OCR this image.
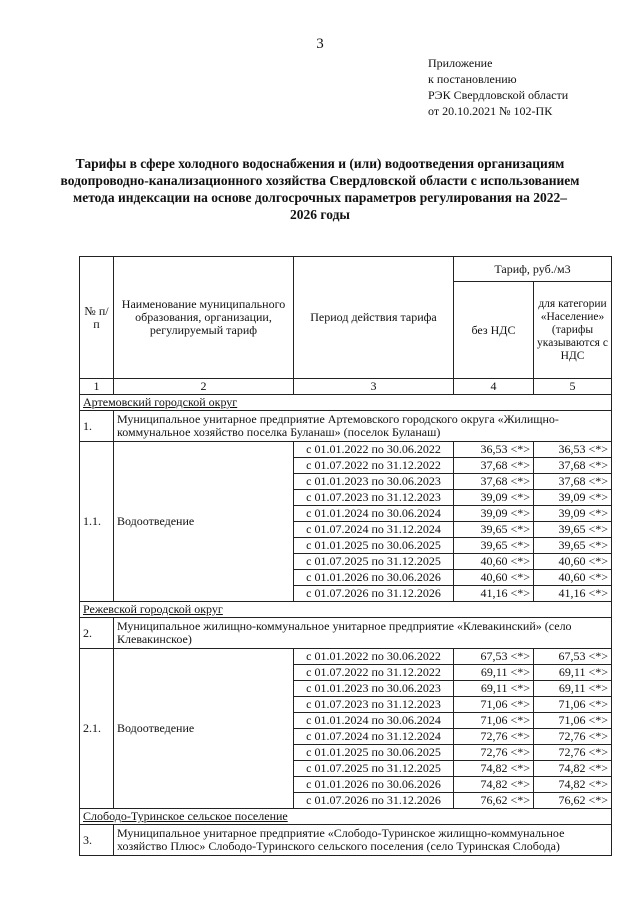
3
Приложение
к постановлению
РЭК Свердловской области
от 20.10.2021 № 102-ПК
Тарифы в сфере холодного водоснабжения и (или) водоотведения организациям водопроводно-канализационного хозяйства Свердловской области с использованием метода индексации на основе долгосрочных параметров регулирования на 2022–2026 годы
№ п/п	Наименование муниципального образования, организации, регулируемый тариф	Период действия тарифа	Тариф, руб./м3	
			без НДС	для категории «Население» (тарифы указываются с НДС
1	2	3	4	5
Артемовский городской округ				
1.	Муниципальное унитарное предприятие Артемовского городского округа «Жилищно-коммунальное хозяйство поселка Буланаш» (поселок Буланаш)			
1.1.	Водоотведение	с 01.01.2022 по 30.06.2022	36,53 <*>	36,53 <*>
		с 01.07.2022 по 31.12.2022	37,68 <*>	37,68 <*>
		с 01.01.2023 по 30.06.2023	37,68 <*>	37,68 <*>
		с 01.07.2023 по 31.12.2023	39,09 <*>	39,09 <*>
		с 01.01.2024 по 30.06.2024	39,09 <*>	39,09 <*>
		с 01.07.2024 по 31.12.2024	39,65 <*>	39,65 <*>
		с 01.01.2025 по 30.06.2025	39,65 <*>	39,65 <*>
		с 01.07.2025 по 31.12.2025	40,60 <*>	40,60 <*>
		с 01.01.2026 по 30.06.2026	40,60 <*>	40,60 <*>
		с 01.07.2026 по 31.12.2026	41,16 <*>	41,16 <*>
Режевской городской округ				
2.	Муниципальное жилищно-коммунальное унитарное предприятие «Клевакинский» (село Клевакинское)			
2.1.	Водоотведение	с 01.01.2022 по 30.06.2022	67,53 <*>	67,53 <*>
		с 01.07.2022 по 31.12.2022	69,11 <*>	69,11 <*>
		с 01.01.2023 по 30.06.2023	69,11 <*>	69,11 <*>
		с 01.07.2023 по 31.12.2023	71,06 <*>	71,06 <*>
		с 01.01.2024 по 30.06.2024	71,06 <*>	71,06 <*>
		с 01.07.2024 по 31.12.2024	72,76 <*>	72,76 <*>
		с 01.01.2025 по 30.06.2025	72,76 <*>	72,76 <*>
		с 01.07.2025 по 31.12.2025	74,82 <*>	74,82 <*>
		с 01.01.2026 по 30.06.2026	74,82 <*>	74,82 <*>
		с 01.07.2026 по 31.12.2026	76,62 <*>	76,62 <*>
Слободо-Туринское сельское поселение				
3.	Муниципальное унитарное предприятие «Слободо-Туринское жилищно-коммунальное хозяйство Плюс» Слободо-Туринского сельского поселения (село Туринская Слобода)			
